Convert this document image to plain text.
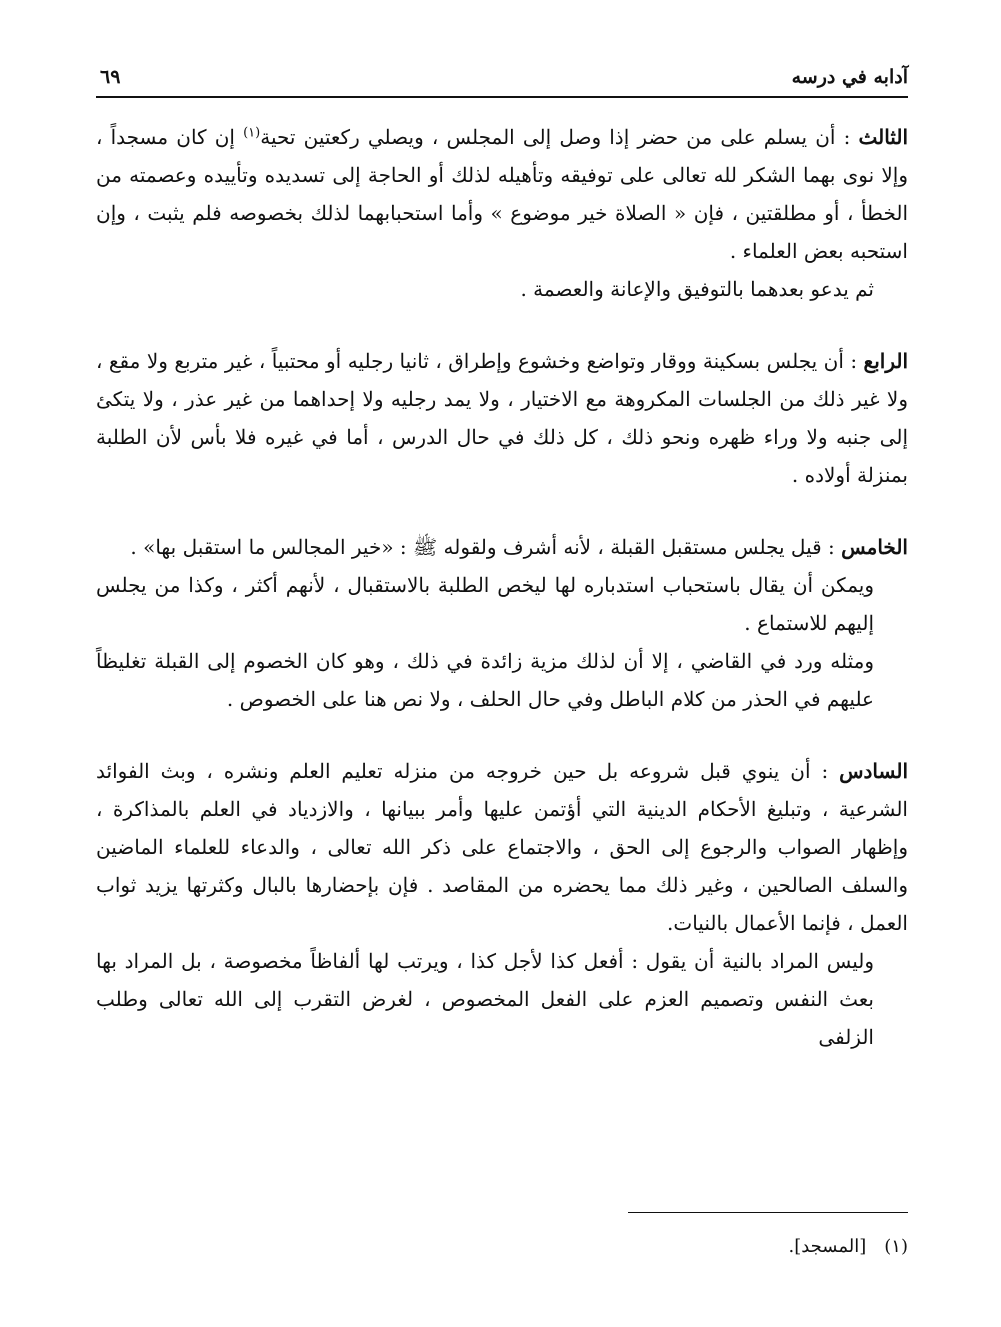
آدابه في درسه
٦٩

الثالث : أن يسلم على من حضر إذا وصل إلى المجلس ، ويصلي ركعتين تحية$^{(١)}$ إن كان مسجداً ، وإلا نوى بهما الشكر لله تعالى على توفيقه وتأهيله لذلك أو الحاجة إلى تسديده وتأييده وعصمته من الخطأ ، أو مطلقتين ، فإن « الصلاة خير موضوع » وأما استحبابهما لذلك بخصوصه فلم يثبت ، وإن استحبه بعض العلماء .

ثم يدعو بعدهما بالتوفيق والإعانة والعصمة .

الرابع : أن يجلس بسكينة ووقار وتواضع وخشوع وإطراق ، ثانيا رجليه أو محتبياً ، غير متربع ولا مقع ، ولا غير ذلك من الجلسات المكروهة مع الاختيار ، ولا يمد رجليه ولا إحداهما من غير عذر ، ولا يتكئ إلى جنبه ولا وراء ظهره ونحو ذلك ، كل ذلك في حال الدرس ، أما في غيره فلا بأس لأن الطلبة بمنزلة أولاده .

الخامس : قيل يجلس مستقبل القبلة ، لأنه أشرف ولقوله ﷺ : «خير المجالس ما استقبل بها» .

ويمكن أن يقال باستحباب استدباره لها ليخص الطلبة بالاستقبال ، لأنهم أكثر ، وكذا من يجلس إليهم للاستماع .

ومثله ورد في القاضي ، إلا أن لذلك مزية زائدة في ذلك ، وهو كان الخصوم إلى القبلة تغليظاً عليهم في الحذر من كلام الباطل وفي حال الحلف ، ولا نص هنا على الخصوص .

السادس : أن ينوي قبل شروعه بل حين خروجه من منزله تعليم العلم ونشره ، وبث الفوائد الشرعية ، وتبليغ الأحكام الدينية التي أؤتمن عليها وأمر ببيانها ، والازدياد في العلم بالمذاكرة ، وإظهار الصواب والرجوع إلى الحق ، والاجتماع على ذكر الله تعالى ، والدعاء للعلماء الماضين والسلف الصالحين ، وغير ذلك مما يحضره من المقاصد . فإن بإحضارها بالبال وكثرتها يزيد ثواب العمل ، فإنما الأعمال بالنيات.

وليس المراد بالنية أن يقول : أفعل كذا لأجل كذا ، ويرتب لها ألفاظاً مخصوصة ، بل المراد بها بعث النفس وتصميم العزم على الفعل المخصوص ، لغرض التقرب إلى الله تعالى وطلب الزلفى

(١)[المسجد].
